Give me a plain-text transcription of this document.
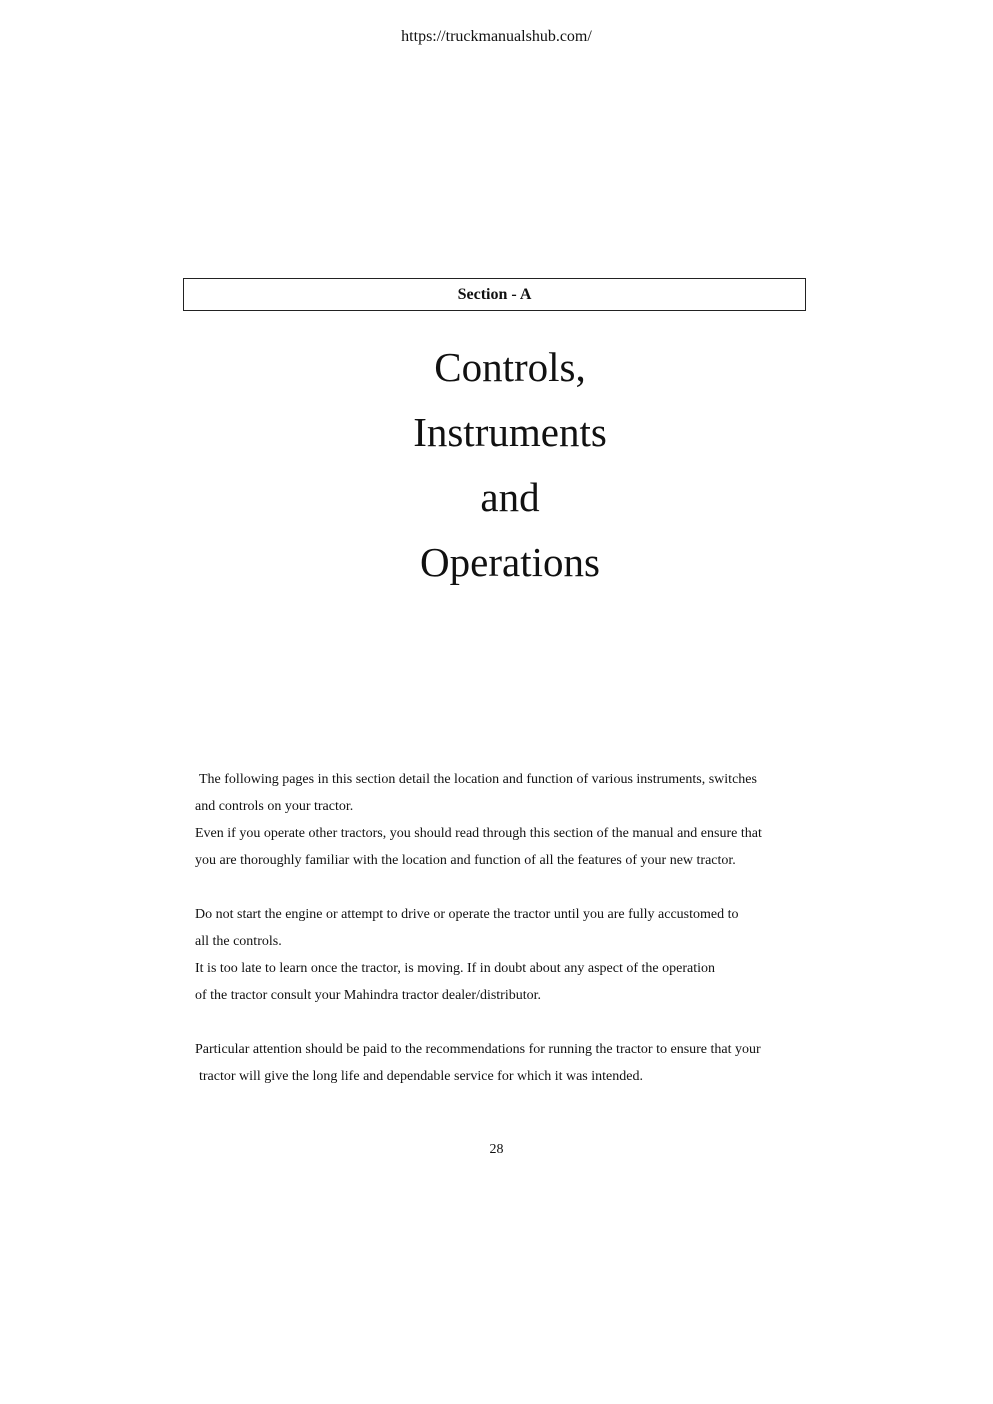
https://truckmanualshub.com/
Section - A
Controls,
Instruments
and
Operations
The following pages in this section detail the location and function of various instruments, switches
and controls on your tractor.
Even if you operate other tractors, you should read through this section of the manual and ensure that
you are thoroughly familiar with the location and function of all the features of your new tractor.
Do not start the engine or attempt to drive or operate the tractor until you are fully accustomed to
all the controls.
It is too late to learn once the tractor, is moving. If in doubt about any aspect of the operation
of the tractor consult your Mahindra tractor dealer/distributor.
Particular attention should be paid to the recommendations for running the tractor to ensure that your
tractor will give the long life and dependable service for which it was intended.
28
